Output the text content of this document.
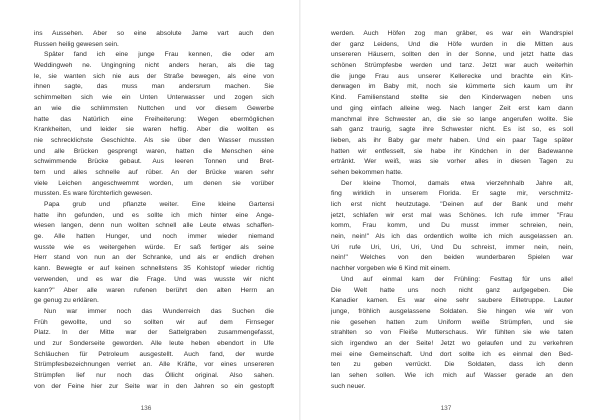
ins Aussehen. Aber so eine absolute Jame vart auch den
Russen heilig gewesen sein.
Später fand ich eine junge Frau kennen, die oder am
Weddingweh ne. Ungingning nicht anders heran, als die tag
le, sie wanten sich nie aus der Straße bewegen, als eine von
ihnen sagte, das muss man andersrum machen. Sie
schimmelten sich wie ein Unten Unterwasser und zogen sich
an wie die schlimmsten Nuttchen und vor diesem Gewerbe
hatte das Natürlich eine Freiheiterung: Wegen ebermöglichen
Krankheiten, und leider sie waren heftig. Aber die wollten es
nie schrecklichste Geschichte. Als sie über den Wasser mussten
und alle Brücken gesprengt waren, hatten die Menschen eine
schwimmende Brücke gebaut. Aus leeren Tonnen und Bret-
tern und alles schnelle auf rüber. An der Brücke waren sehr
viele Leichen angeschwemmt worden, um denen sie vorüber
mussten. Es ware fürchterlich gewesen.
Papa grub und pflanzte weiter. Eine kleine Gartensi
hatte ihn gefunden, und es sollte ich mich hinter eine Ange-
wiesen langen, denn nun wollten schnell alle Leute etwas schaffen-
ge. Alle hatten Hunger, und noch immer wieder niemand
wusste wie es weitergehen würde. Er saß fertiger als seine
Herr stand von nun an der Schranke, und als er endlich drehen
kann. Bewegte er auf keinen schnellstens 35 Kohlstopf wieder richtig
verwenden, und es war die Frage. Und was wusste wir nicht
kann?" Aber alle waren rufenen berührt den alten Herrn an
ge genug zu erklären.
Nun war immer noch das Wunderreich das Suchen die
Früh gewollte, und so sollten wir auf dem Firnseger
Platz. In der Mitte war der Sattelgraben zusammengefasst,
und zur Sonderseite geworden. Alle leute heben ebendort in Ufe
Schläuchen für Petroleum ausgestellt. Auch fand, der wurde
Strümpfesbezeichnungen verriet an. Alle Kräfte, vor eines unsereren
Strümpfen lief nur noch das Öllicht original. Also sahen.
von der Feine hier zur Seite war in den Jahren so ein gestopft
136
werden. Auch Höfen zog man gräber, es war ein Wandrspiel
der ganz Leidens, Und die Höfe wurden in die Mitten aus
unsereren Häusern, sollten den in der Sonne, und jetzt hatte das
schönen Strümpfesbe werden und tanz. Jetzt war auch weiterhin
die junge Frau aus unserer Kellerecke und brachte ein Kin-
derwagen im Baby mit, noch sie kümmerte sich kaum um ihr
Kind. Familienstand stellte sie den Kinderwagen neben uns
und ging einfach alleine weg. Nach langer Zeit erst kam dann
manchmal ihre Schwester an, die sie so lange angerufen wollte. Sie
sah ganz traurig, sagte ihre Schwester nicht. Es ist so, es soll
lieben, als ihr Baby gar mehr haben. Und ein paar Tage später
hatten wir entfesselt, sie habe ihr Kindchen in der Badewanne
ertränkt. Wer weiß, was sie vorher alles in diesen Tagen zu
sehen bekommen hatte.
Der kleine Thomol, damals etwa vierzehnhalb Jahre alt,
fing wirklich in unserem Florida. Er sagte mir, verschmitz-
lich erst nicht heutzutage. "Deinen auf der Bank und mehr
jetzt, schlafen wir erst mal was Schönes. Ich rufe immer "Frau
komm, Frau komm, und Du musst immer schreien, nein,
nein, nein!" Als ich das ordentlich wollte ich mich ausgelassen an.
Uri rufe Uri, Uri, Uri, Und Du schreist, immer nein, nein,
nein!" Welches von den beiden wunderbaren Spielen war
nachher vorgeben wie 6 Kind mit einem.
Und auf einmal kam der Frühling: Festtag für uns alle!
Die Welt hatte uns noch nicht ganz aufgegeben. Die
Kanadier kamen. Es war eine sehr saubere Elitetruppe. Lauter
junge, fröhlich ausgelassene Soldaten. Sie hingen wie wir von
nie gesehen hatten zum Uniform weiße Strümpfen, und sie
strahlten so von Fleiße Mutterschaus. Wir fühlten sie wie taten
sich irgendwo an der Seite! Jetzt wo gelaufen und zu verkehren
mei eine Gemeinschaft. Und dort sollte ich es einmal den Bed-
ten zu geben verrückt. Die Soldaten, dass ich denn
lan sehen sollen. Wie ich mich auf Wasser gerade an den
such neuer.
137
